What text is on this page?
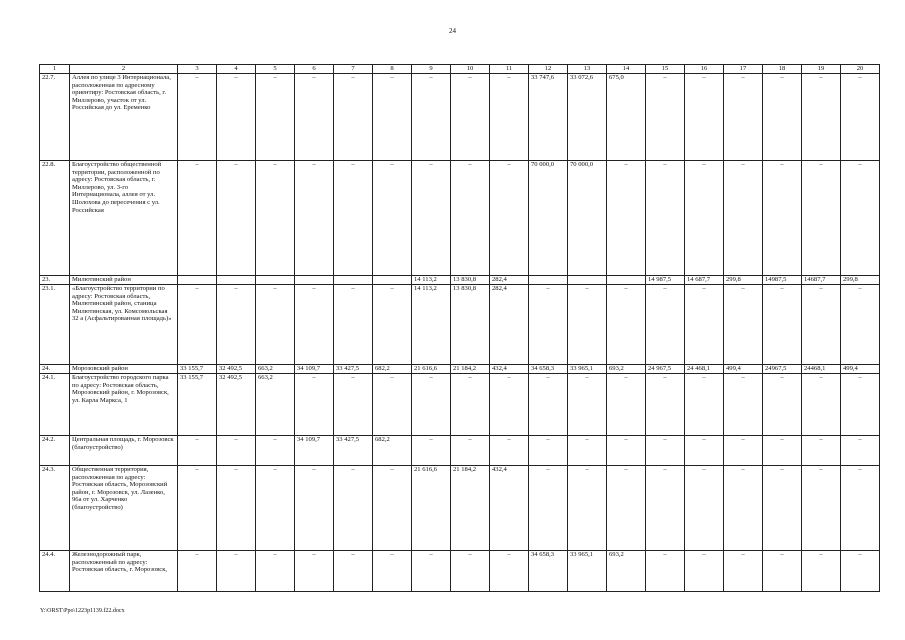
24
1	2	3	4	5	6	7	8	9	10	11	12	13	14	15	16	17	18	19	20
22.7.	Аллея по улице 3 Интернационала, расположенная по адресному ориентиру: Ростовская область, г. Миллерово, участок от ул. Российская до ул. Еременко	–	–	–	–	–	–	–	–	–	33 747,6	33 072,6	675,0	–	–	–	–	–	–
22.8.	Благоустройство общественной территории, расположенной по адресу: Ростовская область, г. Миллерово, ул. 3-го Интернационала, аллея от ул. Шолохова до пересечения с ул. Российская	–	–	–	–	–	–	–	–	–	70 000,0	70 000,0	–	–	–	–	–	–	–
23.	Милютинский район							14 113,2	13 830,8	282,4				14 987,5	14 687,7	299,8	14987,5	14687,7	299,8
23.1.	«Благоустройство территории по адресу: Ростовская область, Милютинский район, станица Милютинская, ул. Комсомольская 32 а (Асфальтированная площадь)»	–	–	–	–	–	–	14 113,2	13 830,8	282,4	–	–	–	–	–	–	–	–	–
24.	Морозовский район	33 155,7	32 492,5	663,2	34 109,7	33 427,5	682,2	21 616,6	21 184,2	432,4	34 658,3	33 965,1	693,2	24 967,5	24 468,1	499,4	24967,5	24468,1	499,4
24.1.	Благоустройство городского парка по адресу: Ростовская область, Морозовский район, г. Морозовск, ул. Карла Маркса, 1	33 155,7	32 492,5	663,2	–	–	–	–	–	–	–	–	–	–	–	–	–	–	–
24.2.	Центральная площадь, г. Морозовск (благоустройство)	–	–	–	34 109,7	33 427,5	682,2	–	–	–	–	–	–	–	–	–	–	–	–
24.3.	Общественная территория, расположенная по адресу: Ростовская область, Морозовский район, г. Морозовск, ул. Лазенко, 96а от ул. Харченко (благоустройство)	–	–	–	–	–	–	21 616,6	21 184,2	432,4	–	–	–	–	–	–	–	–	–
24.4.	Железнодорожный парк, расположенный по адресу: Ростовская область, г. Морозовск,	–	–	–	–	–	–	–	–	–	34 658,3	33 965,1	693,2	–	–	–	–	–	–
Y:\ORST\Ppo\1223p1139.f22.docx
